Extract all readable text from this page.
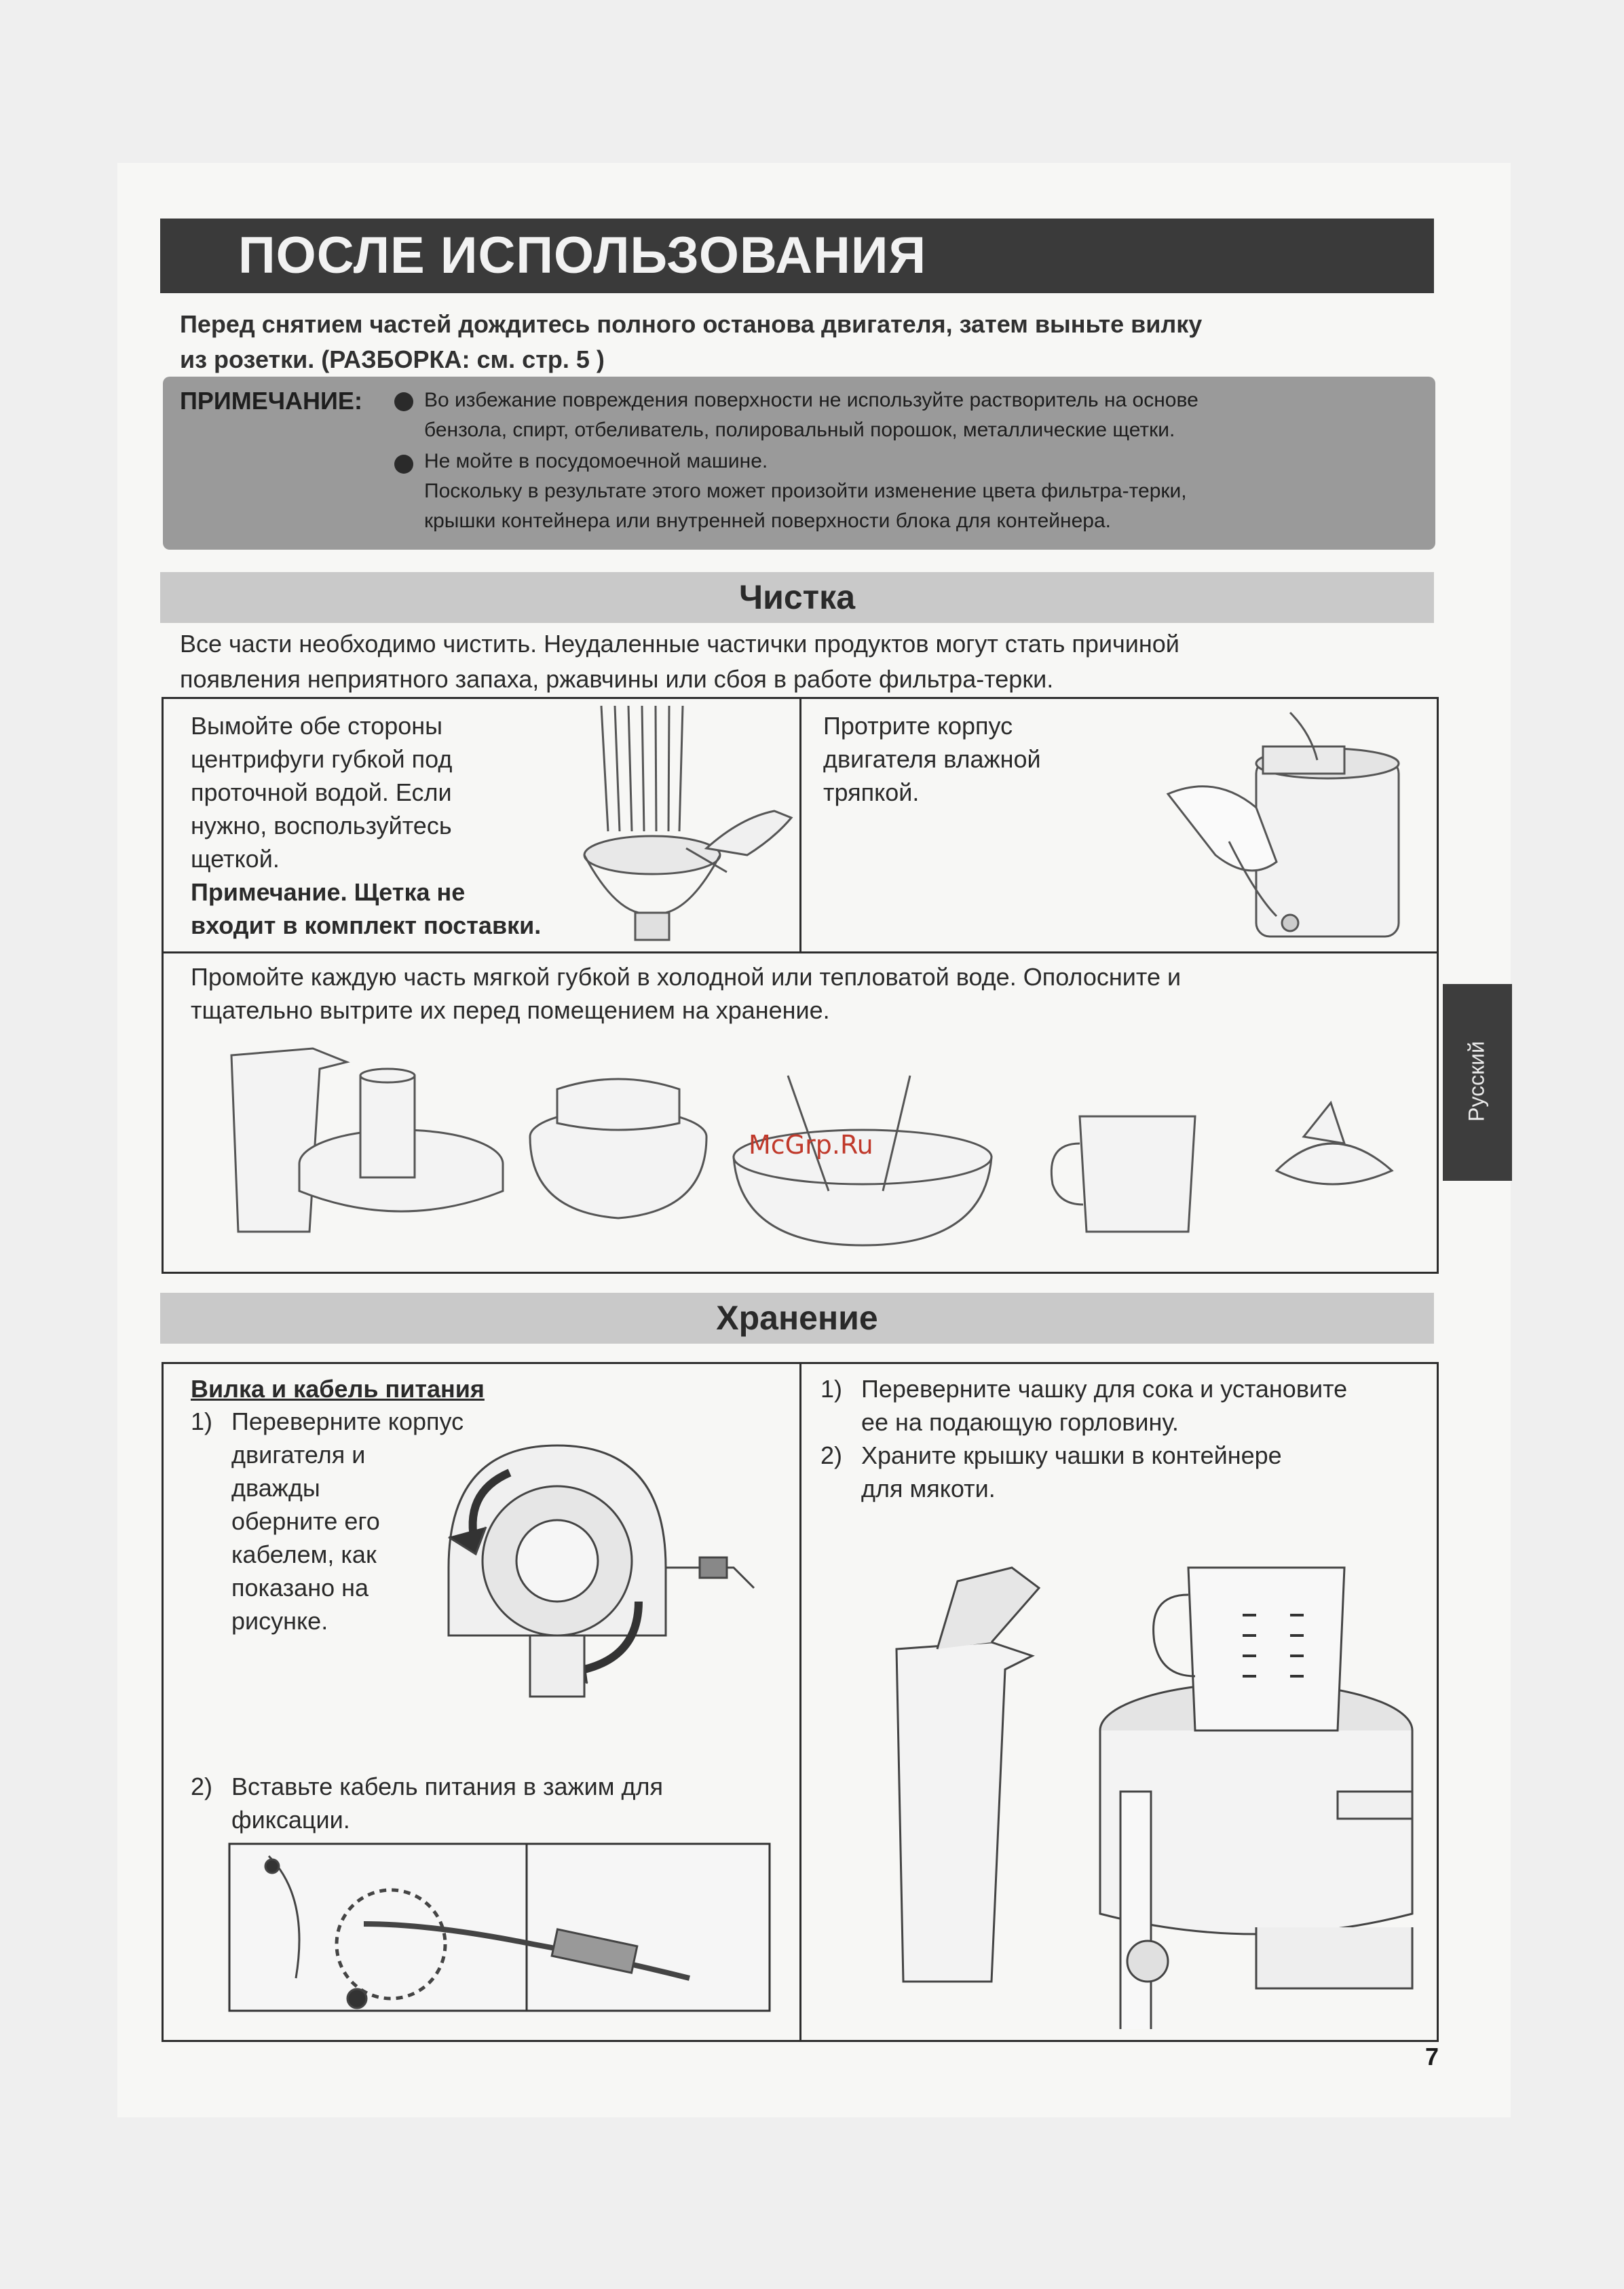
ПОСЛЕ ИСПОЛЬЗОВАНИЯ
Перед снятием частей дождитесь полного останова двигателя, затем выньте вилку
из розетки. (РАЗБОРКА: см. стр. 5 )
ПРИМЕЧАНИЕ:	Во избежание повреждения поверхности не используйте растворитель на основе
бензола, спирт, отбеливатель, полировальный порошок, металлические щетки.
Не мойте в посудомоечной машине.
Поскольку в результате этого может произойти изменение цвета фильтра-терки,
крышки контейнера или внутренней поверхности блока для контейнера.
Чистка
Все части необходимо чистить. Неудаленные частички продуктов могут стать причиной
появления неприятного запаха, ржавчины или сбоя в работе фильтра-терки.
Вымойте обе стороны
центрифуги губкой под
проточной водой. Если
нужно, воспользуйтесь
щеткой.
Примечание. Щетка не
входит в комплект поставки.
Протрите корпус
двигателя влажной
тряпкой.
Промойте каждую часть мягкой губкой в холодной или тепловатой воде. Ополосните и
тщательно вытрите их перед помещением на хранение.
Хранение
Вилка и кабель питания
1) Переверните корпус
двигателя и
дважды
оберните его
кабелем, как
показано на
рисунке.
2) Вставьте кабель питания в зажим для
фиксации.
1) Переверните чашку для сока и установите
ее на подающую горловину.
2) Храните крышку чашки в контейнере
для мякоти.
7
Русский
McGrp.Ru
